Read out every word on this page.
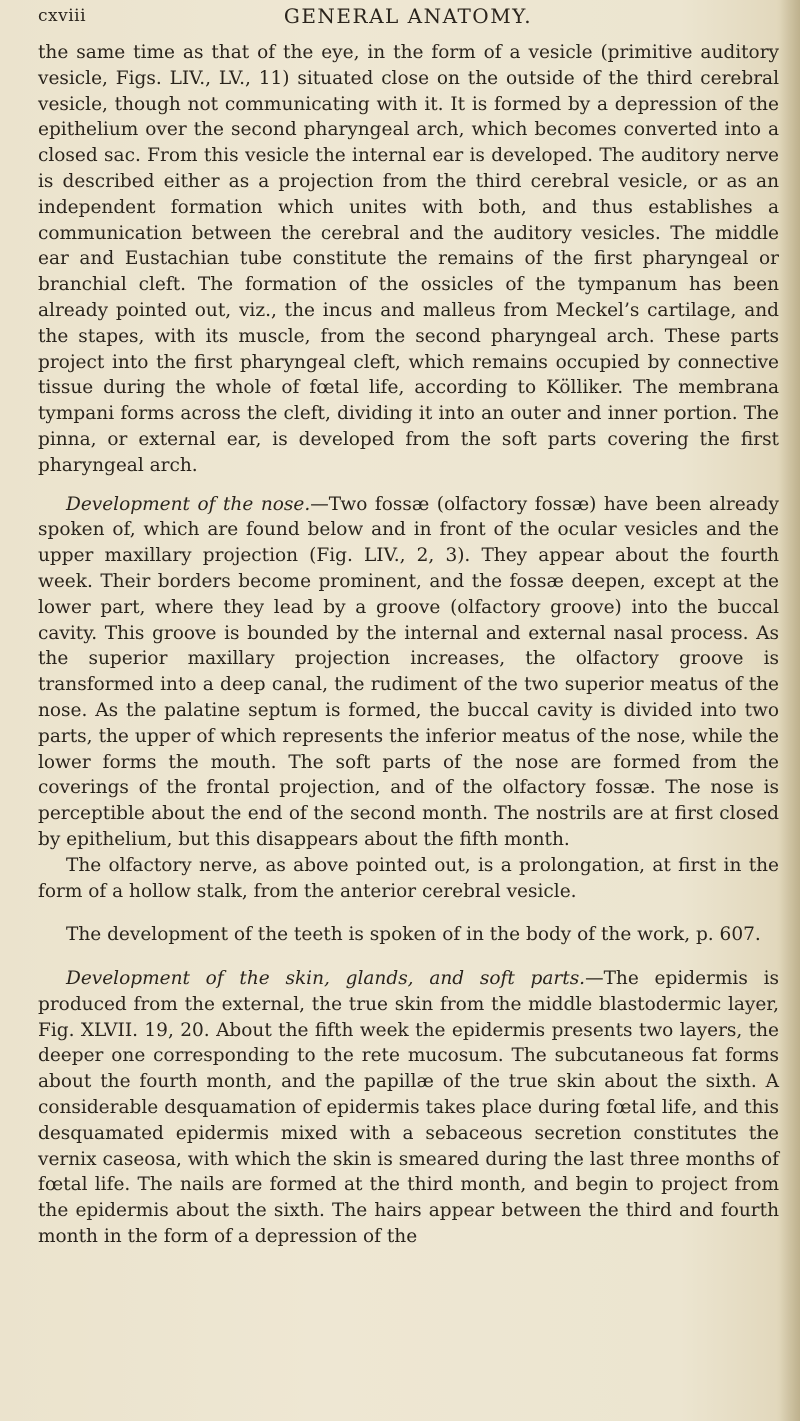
cxviii	GENERAL ANATOMY.

the same time as that of the eye, in the form of a vesicle (primitive auditory vesicle, Figs. LIV., LV., 11) situated close on the outside of the third cerebral vesicle, though not communicating with it. It is formed by a depression of the epithelium over the second pharyngeal arch, which becomes converted into a closed sac. From this vesicle the internal ear is developed. The auditory nerve is described either as a projection from the third cerebral vesicle, or as an independent formation which unites with both, and thus establishes a communication between the cerebral and the auditory vesicles. The middle ear and Eustachian tube constitute the remains of the first pharyngeal or branchial cleft. The formation of the ossicles of the tympanum has been already pointed out, viz., the incus and malleus from Meckel’s cartilage, and the stapes, with its muscle, from the second pharyngeal arch. These parts project into the first pharyngeal cleft, which remains occupied by connective tissue during the whole of fœtal life, according to Kölliker. The membrana tympani forms across the cleft, dividing it into an outer and inner portion. The pinna, or external ear, is developed from the soft parts covering the first pharyngeal arch.

Development of the nose.—Two fossæ (olfactory fossæ) have been already spoken of, which are found below and in front of the ocular vesicles and the upper maxillary projection (Fig. LIV., 2, 3). They appear about the fourth week. Their borders become prominent, and the fossæ deepen, except at the lower part, where they lead by a groove (olfactory groove) into the buccal cavity. This groove is bounded by the internal and external nasal process. As the superior maxillary projection increases, the olfactory groove is transformed into a deep canal, the rudiment of the two superior meatus of the nose. As the palatine septum is formed, the buccal cavity is divided into two parts, the upper of which represents the inferior meatus of the nose, while the lower forms the mouth. The soft parts of the nose are formed from the coverings of the frontal projection, and of the olfactory fossæ. The nose is perceptible about the end of the second month. The nostrils are at first closed by epithelium, but this disappears about the fifth month.

The olfactory nerve, as above pointed out, is a prolongation, at first in the form of a hollow stalk, from the anterior cerebral vesicle.

The development of the teeth is spoken of in the body of the work, p. 607.

Development of the skin, glands, and soft parts.—The epidermis is produced from the external, the true skin from the middle blastodermic layer, Fig. XLVII. 19, 20. About the fifth week the epidermis presents two layers, the deeper one corresponding to the rete mucosum. The subcutaneous fat forms about the fourth month, and the papillæ of the true skin about the sixth. A considerable desquamation of epidermis takes place during fœtal life, and this desquamated epidermis mixed with a sebaceous secretion constitutes the vernix caseosa, with which the skin is smeared during the last three months of fœtal life. The nails are formed at the third month, and begin to project from the epidermis about the sixth. The hairs appear between the third and fourth month in the form of a depression of the
